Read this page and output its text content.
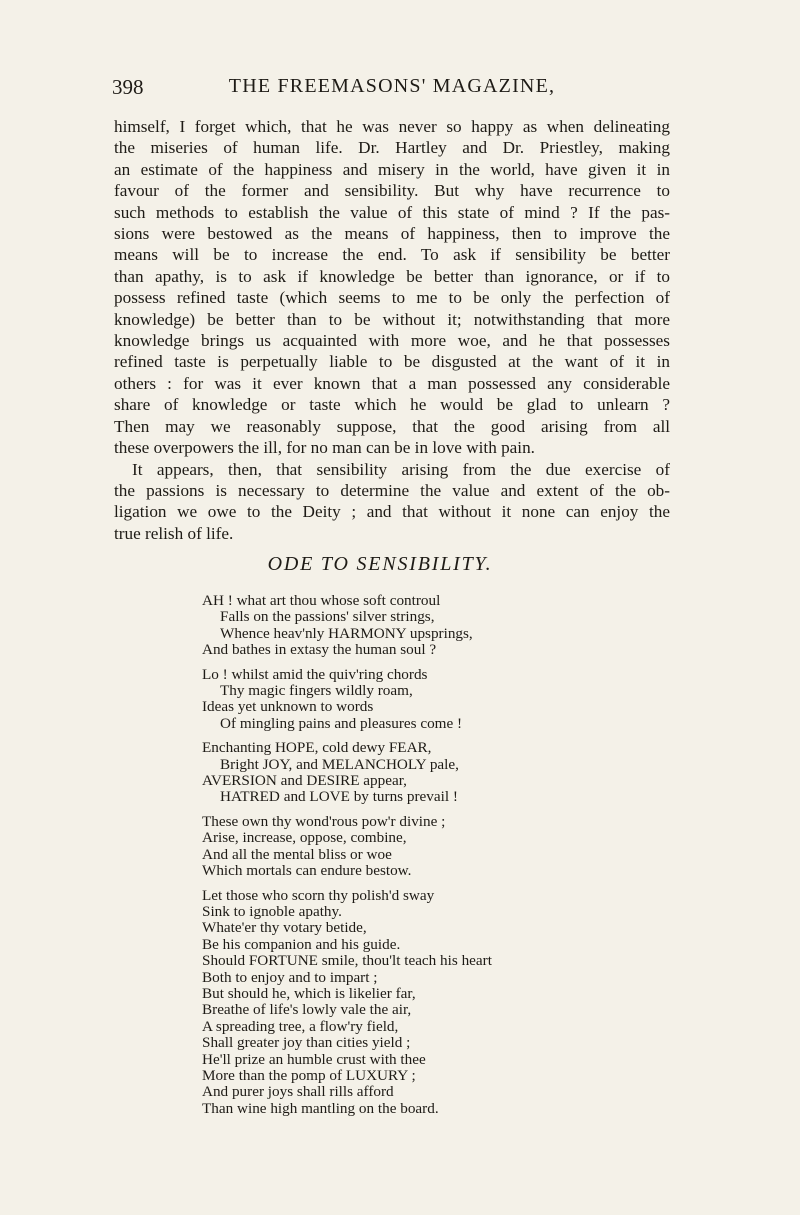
398	THE FREEMASONS' MAGAZINE,
himself, I forget which, that he was never so happy as when delineating
the miseries of human life. Dr. Hartley and Dr. Priestley, making
an estimate of the happiness and misery in the world, have given it in
favour of the former and sensibility. But why have recurrence to
such methods to establish the value of this state of mind ? If the pas-
sions were bestowed as the means of happiness, then to improve the
means will be to increase the end. To ask if sensibility be better
than apathy, is to ask if knowledge be better than ignorance, or if to
possess refined taste (which seems to me to be only the perfection of
knowledge) be better than to be without it; notwithstanding that more
knowledge brings us acquainted with more woe, and he that possesses
refined taste is perpetually liable to be disgusted at the want of it in
others : for was it ever known that a man possessed any considerable
share of knowledge or taste which he would be glad to unlearn ?
Then may we reasonably suppose, that the good arising from all
these overpowers the ill, for no man can be in love with pain.
It appears, then, that sensibility arising from the due exercise of
the passions is necessary to determine the value and extent of the ob-
ligation we owe to the Deity ; and that without it none can enjoy the
true relish of life.
ODE TO SENSIBILITY.
AH ! what art thou whose soft controul
Falls on the passions' silver strings,
Whence heav'nly HARMONY upsprings,
And bathes in extasy the human soul ?
Lo ! whilst amid the quiv'ring chords
Thy magic fingers wildly roam,
Ideas yet unknown to words
Of mingling pains and pleasures come !
Enchanting HOPE, cold dewy FEAR,
Bright JOY, and MELANCHOLY pale,
AVERSION and DESIRE appear,
HATRED and LOVE by turns prevail !
These own thy wond'rous pow'r divine ;
Arise, increase, oppose, combine,
And all the mental bliss or woe
Which mortals can endure bestow.
Let those who scorn thy polish'd sway
Sink to ignoble apathy.
Whate'er thy votary betide,
Be his companion and his guide.
Should FORTUNE smile, thou'lt teach his heart
Both to enjoy and to impart ;
But should he, which is likelier far,
Breathe of life's lowly vale the air,
A spreading tree, a flow'ry field,
Shall greater joy than cities yield ;
He'll prize an humble crust with thee
More than the pomp of LUXURY ;
And purer joys shall rills afford
Than wine high mantling on the board.
